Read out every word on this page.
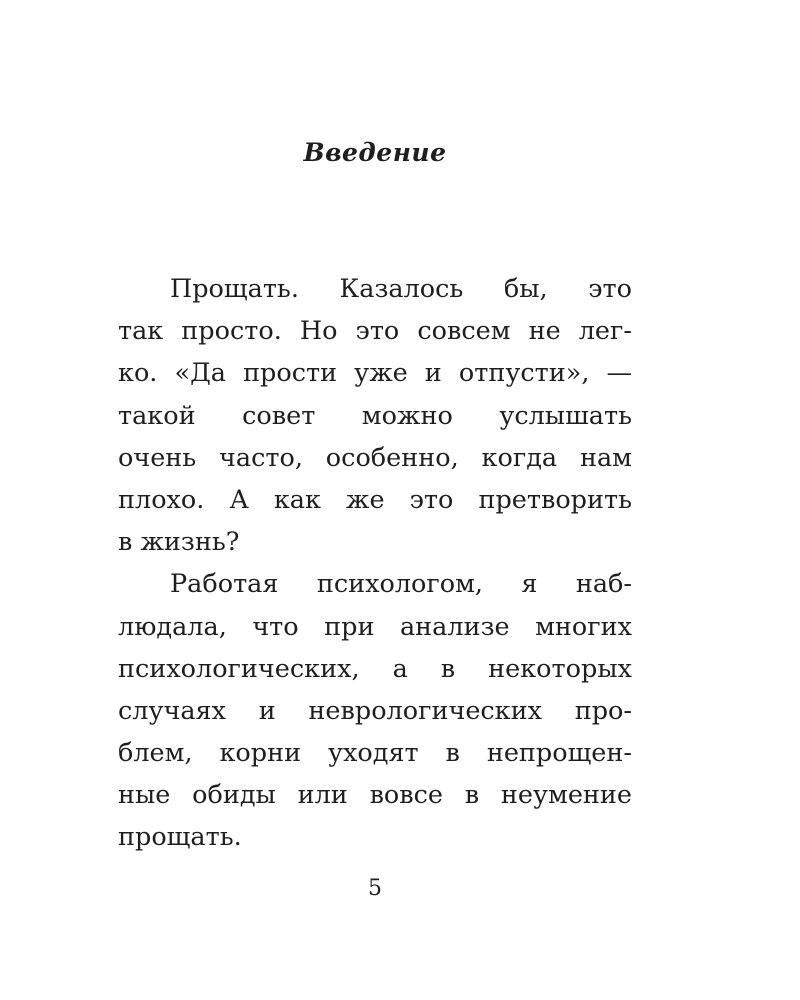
Введение
Прощать. Казалось бы, это
так просто. Но это совсем не лег-
ко. «Да прости уже и отпусти», —
такой совет можно услышать
очень часто, особенно, когда нам
плохо. А как же это претворить
в жизнь?
Работая психологом, я наб-
людала, что при анализе многих
психологических, а в некоторых
случаях и неврологических про-
блем, корни уходят в непрощен-
ные обиды или вовсе в неумение
прощать.
5
